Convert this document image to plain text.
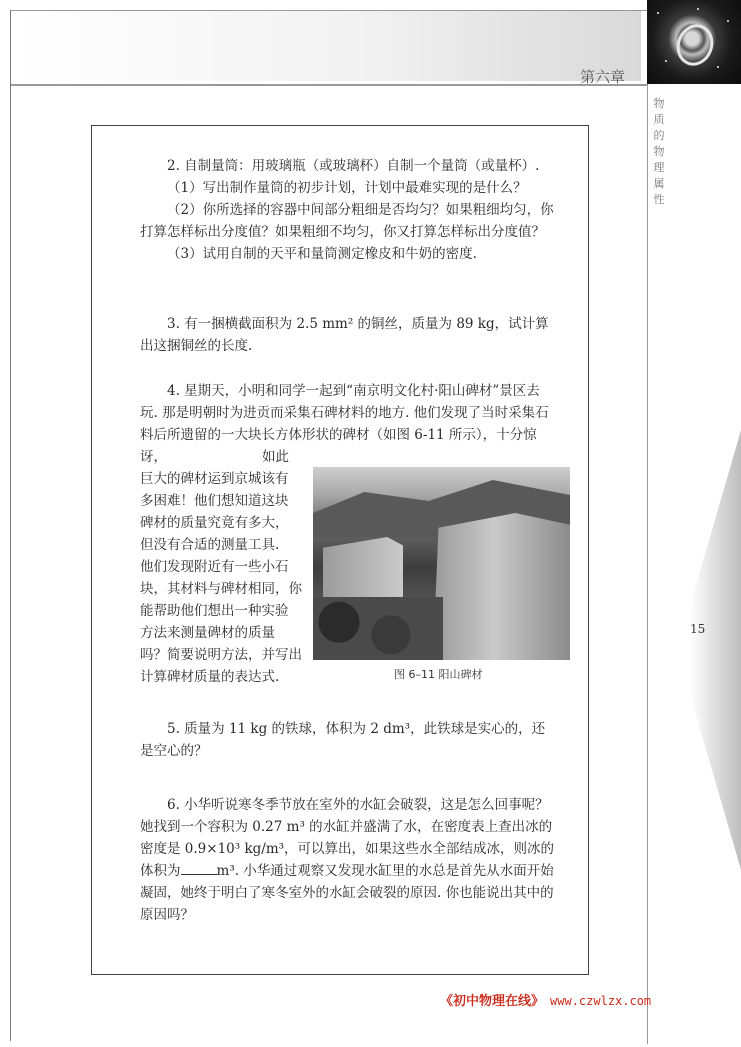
第六章
物
质
的
物
理
属
性
15

2. 自制量筒：用玻璃瓶（或玻璃杯）自制一个量筒（或量杯）.

（1）写出制作量筒的初步计划，计划中最难实现的是什么？

（2）你所选择的容器中间部分粗细是否均匀？如果粗细均匀，你打算怎样标出分度值？如果粗细不均匀，你又打算怎样标出分度值？

（3）试用自制的天平和量筒测定橡皮和牛奶的密度.

3. 有一捆横截面积为 2.5 mm² 的铜丝，质量为 89 kg，试计算出这捆铜丝的长度.

4. 星期天，小明和同学一起到“南京明文化村·阳山碑材”景区去玩. 那是明朝时为进贡而采集石碑材料的地方. 他们发现了当时采集石料后所遗留的一大块长方体形状的碑材（如图 6-11 所示），十分惊讶，	如此

巨大的碑材运到京城该有

多困难！他们想知道这块

碑材的质量究竟有多大，

但没有合适的测量工具.

他们发现附近有一些小石

块，其材料与碑材相同，你

能帮助他们想出一种实验

方法来测量碑材的质量

吗？简要说明方法，并写出

计算碑材质量的表达式.	图 6–11 阳山碑材

5. 质量为 11 kg 的铁球，体积为 2 dm³，此铁球是实心的，还是空心的？

6. 小华听说寒冬季节放在室外的水缸会破裂，这是怎么回事呢？她找到一个容积为 0.27 m³ 的水缸并盛满了水，在密度表上查出冰的密度是 0.9×10³ kg/m³，可以算出，如果这些水全部结成冰，则冰的体积为	m³. 小华通过观察又发现水缸里的水总是首先从水面开始凝固，她终于明白了寒冬室外的水缸会破裂的原因. 你也能说出其中的原因吗？

《初中物理在线》 www.czwlzx.com
